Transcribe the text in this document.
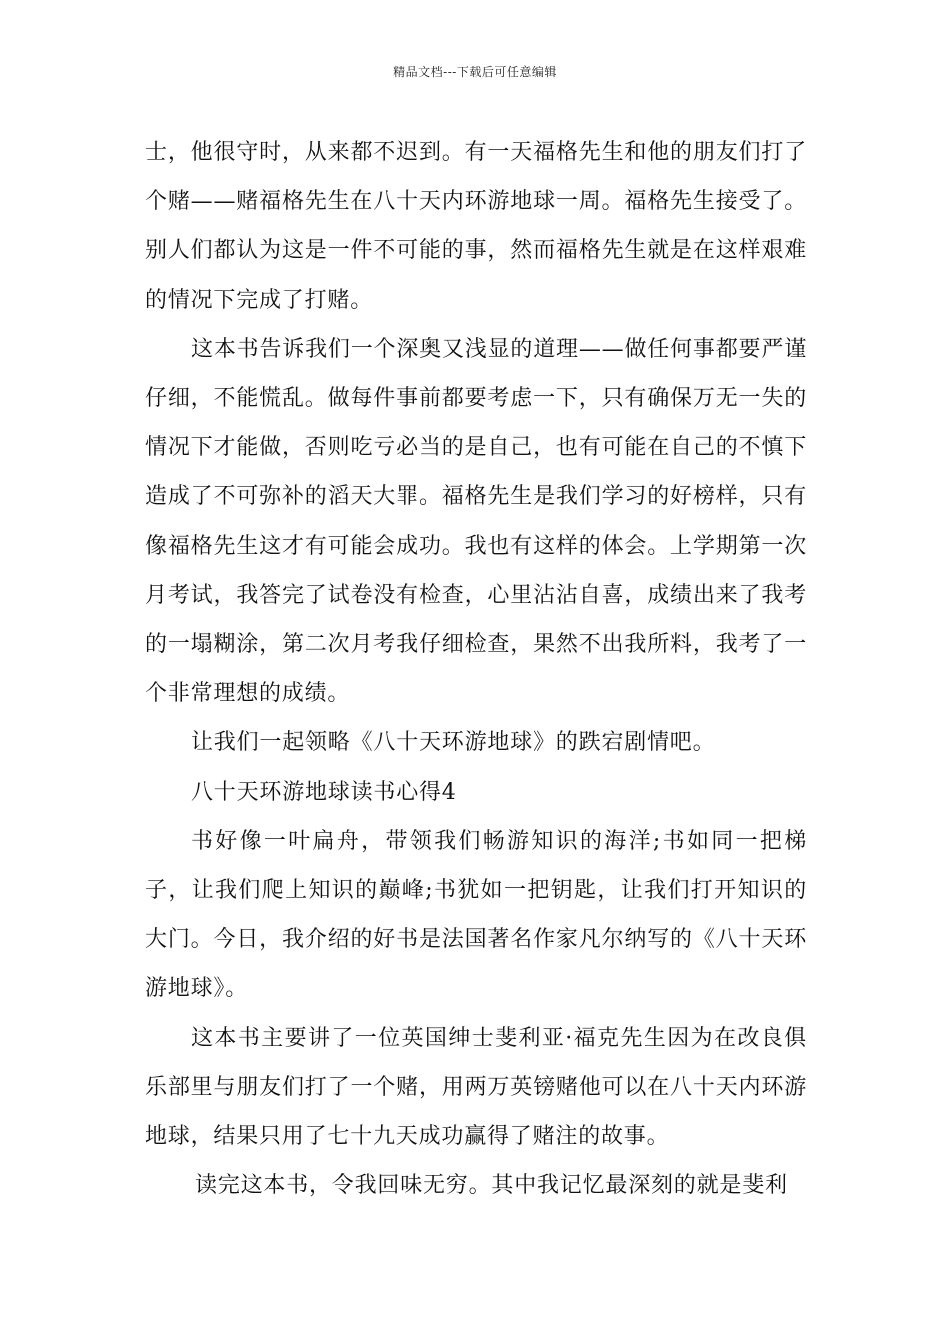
精品文档---下载后可任意编辑

士，他很守时，从来都不迟到。有一天福格先生和他的朋友们打了个赌——赌福格先生在八十天内环游地球一周。福格先生接受了。别人们都认为这是一件不可能的事，然而福格先生就是在这样艰难的情况下完成了打赌。

这本书告诉我们一个深奥又浅显的道理——做任何事都要严谨仔细，不能慌乱。做每件事前都要考虑一下，只有确保万无一失的情况下才能做，否则吃亏必当的是自己，也有可能在自己的不慎下造成了不可弥补的滔天大罪。福格先生是我们学习的好榜样，只有像福格先生这才有可能会成功。我也有这样的体会。上学期第一次月考试，我答完了试卷没有检查，心里沾沾自喜，成绩出来了我考的一塌糊涂，第二次月考我仔细检查，果然不出我所料，我考了一个非常理想的成绩。

让我们一起领略《八十天环游地球》的跌宕剧情吧。

八十天环游地球读书心得4

书好像一叶扁舟，带领我们畅游知识的海洋;书如同一把梯子，让我们爬上知识的巅峰;书犹如一把钥匙，让我们打开知识的大门。今日，我介绍的好书是法国著名作家凡尔纳写的《八十天环游地球》。

这本书主要讲了一位英国绅士斐利亚·福克先生因为在改良俱乐部里与朋友们打了一个赌，用两万英镑赌他可以在八十天内环游地球，结果只用了七十九天成功赢得了赌注的故事。

读完这本书，令我回味无穷。其中我记忆最深刻的就是斐利
